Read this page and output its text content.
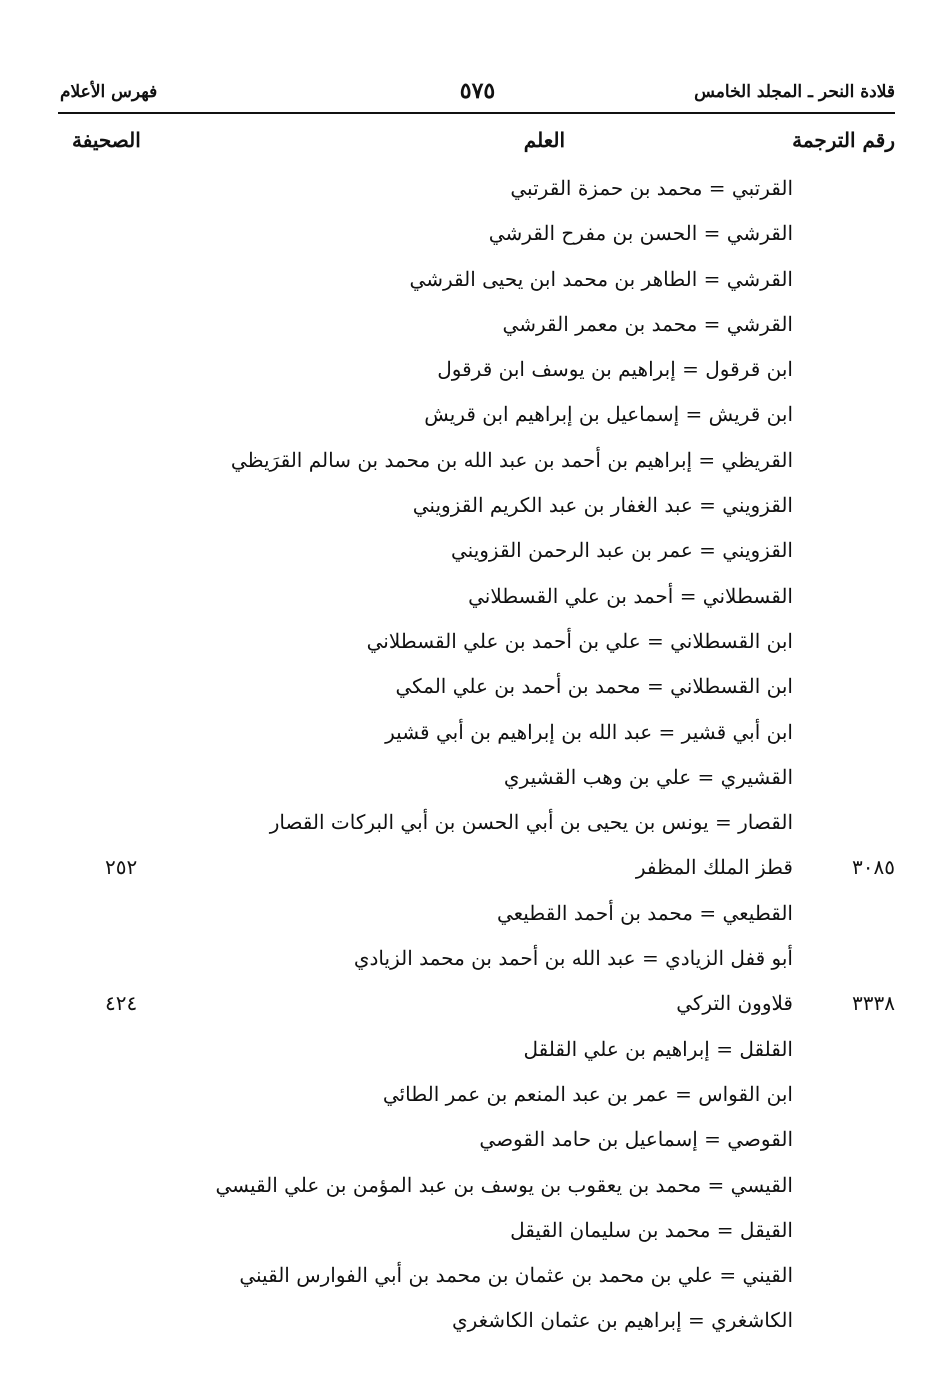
قلادة النحر ـ المجلد الخامس
٥٧٥
فهرس الأعلام
رقم الترجمة
العلم
الصحيفة
القرتبي = محمد بن حمزة القرتبي
القرشي = الحسن بن مفرح القرشي
القرشي = الطاهر بن محمد ابن يحيى القرشي
القرشي = محمد بن معمر القرشي
ابن قرقول = إبراهيم بن يوسف ابن قرقول
ابن قريش = إسماعيل بن إبراهيم ابن قريش
القريظي = إبراهيم بن أحمد بن عبد الله بن محمد بن سالم القرَيظي
القزويني = عبد الغفار بن عبد الكريم القزويني
القزويني = عمر بن عبد الرحمن القزويني
القسطلاني = أحمد بن علي القسطلاني
ابن القسطلاني = علي بن أحمد بن علي القسطلاني
ابن القسطلاني = محمد بن أحمد بن علي المكي
ابن أبي قشير = عبد الله بن إبراهيم بن أبي قشير
القشيري = علي بن وهب القشيري
القصار = يونس بن يحيى بن أبي الحسن بن أبي البركات القصار
٣٠٨٥
قطز الملك المظفر
٢٥٢
القطيعي = محمد بن أحمد القطيعي
أبو قفل الزيادي = عبد الله بن أحمد بن محمد الزيادي
٣٣٣٨
قلاوون التركي
٤٢٤
القلقل = إبراهيم بن علي القلقل
ابن القواس = عمر بن عبد المنعم بن عمر الطائي
القوصي = إسماعيل بن حامد القوصي
القيسي = محمد بن يعقوب بن يوسف بن عبد المؤمن بن علي القيسي
القيقل = محمد بن سليمان القيقل
القيني = علي بن محمد بن عثمان بن محمد بن أبي الفوارس القيني
الكاشغري = إبراهيم بن عثمان الكاشغري
